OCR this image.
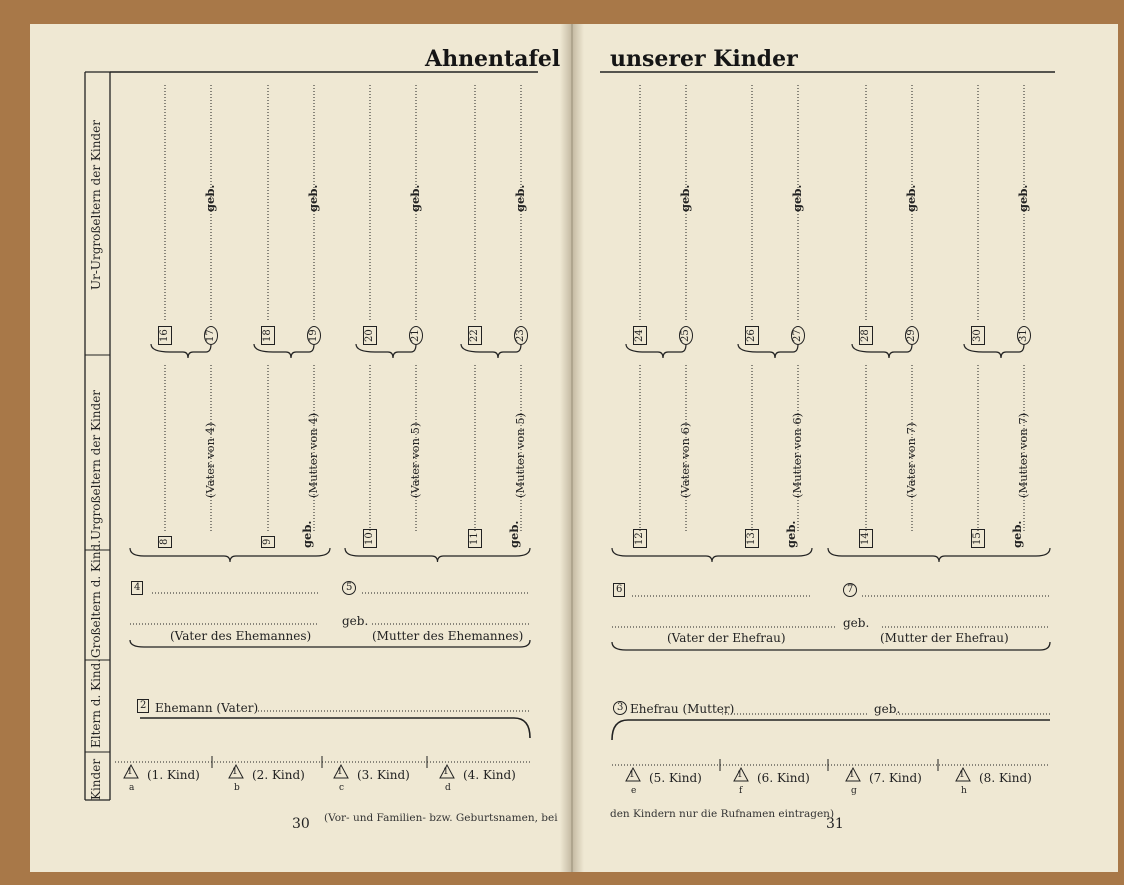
Ahnentafel unserer Kinder
Ur-Urgroßeltern der Kinder
Urgroßeltern der Kinder
Großeltern d. Kind.
Eltern d. Kind.
Kinder
16	17
geb.
18	19
geb.
20	21
geb.
22	23
geb.
24	25
geb.
26	27
geb.
28	29
geb.
30	31
geb.
8
(Vater von 4)
9
(Mutter von 4)
10
(Vater von 5)
11
(Mutter von 5)
12
(Vater von 6)
13
(Mutter von 6)
14
(Vater von 7)
15
(Mutter von 7)
geb.	geb.	geb.	geb.
1 (1. Kind)
a
1 (2. Kind)
b
1 (3. Kind)
c
1 (4. Kind)
d
1 (5. Kind)
e
1 (6. Kind)
f
1 (7. Kind)
g
1 (8. Kind)
h
4	5	6	7
geb.	geb.
(Vater des Ehemannes)	(Mutter des Ehemannes)	(Vater der Ehefrau)	(Mutter der Ehefrau)
2 Ehemann (Vater)	3 Ehefrau (Mutter)	geb.
30 (Vor- und Familien- bzw. Geburtsnamen, bei	den Kindern nur die Rufnamen eintragen)
31
